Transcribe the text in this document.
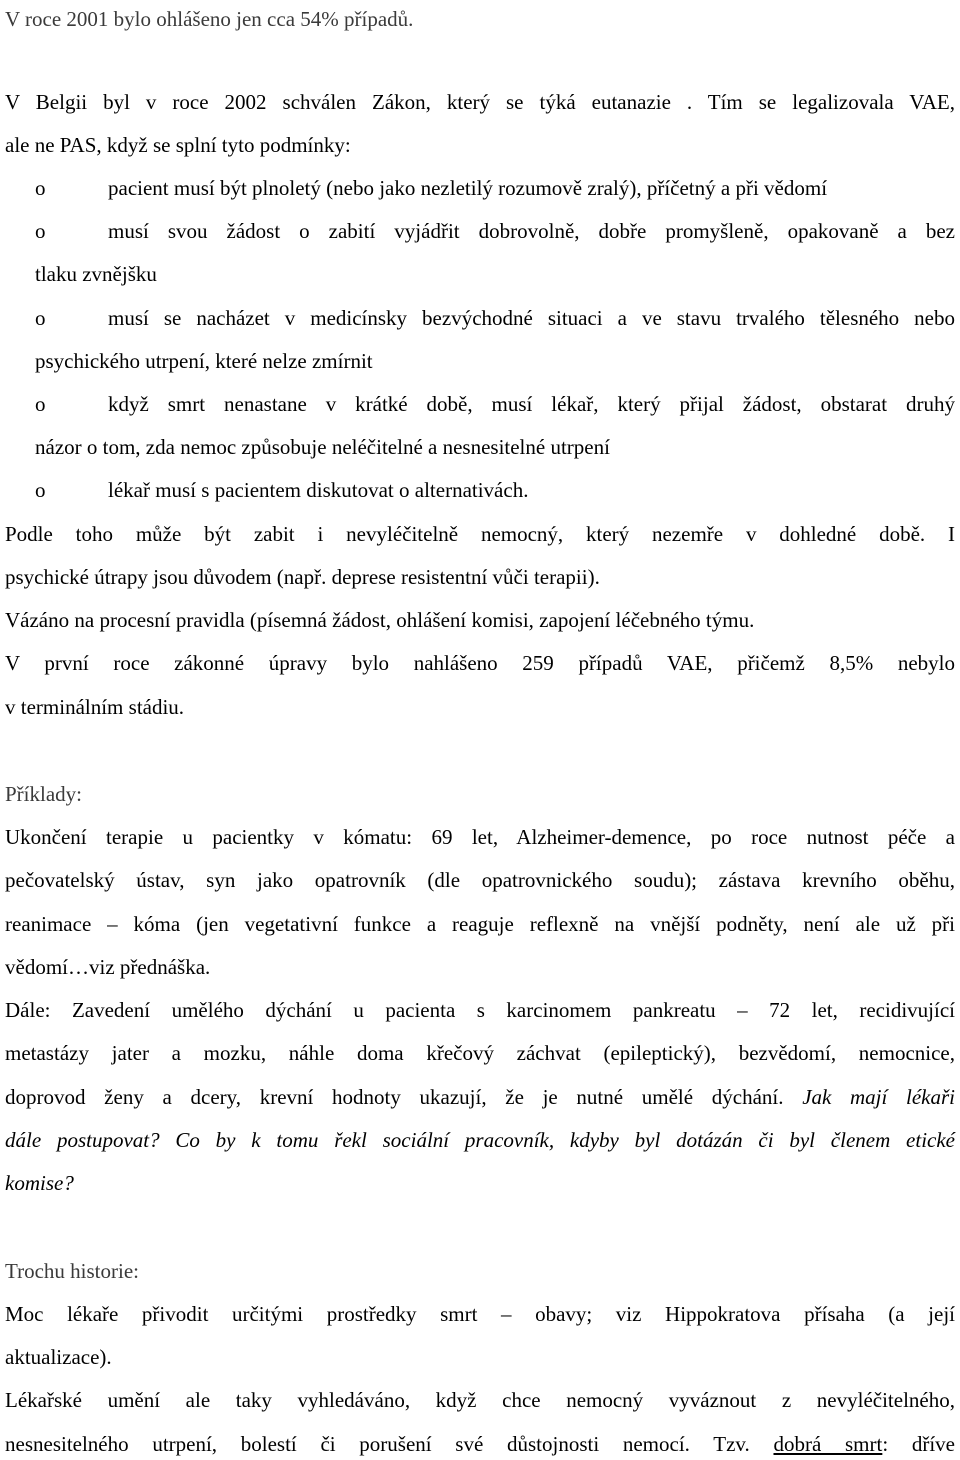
V roce 2001 bylo ohlášeno jen cca 54% případů.
V Belgii byl v roce 2002 schválen Zákon, který se týká eutanazie . Tím se legalizovala VAE,
ale ne PAS, když se splní tyto podmínky:
o	pacient musí být plnoletý (nebo jako nezletilý rozumově zralý), příčetný a při vědomí
o	musí svou žádost o zabití vyjádřit dobrovolně, dobře promyšleně, opakovaně a bez
tlaku zvnějšku
o	musí se nacházet v medicínsky bezvýchodné situaci a ve stavu trvalého tělesného nebo
psychického utrpení, které nelze zmírnit
o	když smrt nenastane v krátké době, musí lékař, který přijal žádost, obstarat druhý
názor o tom, zda nemoc způsobuje neléčitelné a nesnesitelné utrpení
o	lékař musí s pacientem diskutovat o alternativách.
Podle toho může být zabit i nevyléčitelně nemocný, který nezemře v dohledné době. I
psychické útrapy jsou důvodem (např. deprese resistentní vůči terapii).
Vázáno na procesní pravidla (písemná žádost, ohlášení komisi, zapojení léčebného týmu.
V první roce zákonné úpravy bylo nahlášeno 259 případů VAE, přičemž 8,5% nebylo
v terminálním stádiu.
Příklady:
Ukončení terapie u pacientky v kómatu: 69 let, Alzheimer-demence, po roce nutnost péče a
pečovatelský ústav, syn jako opatrovník (dle opatrovnického soudu); zástava krevního oběhu,
reanimace – kóma (jen vegetativní funkce a reaguje reflexně na vnější podněty, není ale už při
vědomí…viz přednáška.
Dále: Zavedení umělého dýchání u pacienta s karcinomem pankreatu – 72 let, recidivující
metastázy jater a mozku, náhle doma křečový záchvat (epileptický), bezvědomí, nemocnice,
doprovod ženy a dcery, krevní hodnoty ukazují, že je nutné umělé dýchání. Jak mají lékaři
dále postupovat? Co by k tomu řekl sociální pracovník, kdyby byl dotázán či byl členem etické
komise?
Trochu historie:
Moc lékaře přivodit určitými prostředky smrt – obavy; viz Hippokratova přísaha (a její
aktualizace).
Lékařské umění ale taky vyhledáváno, když chce nemocný vyváznout z nevyléčitelného,
nesnesitelného utrpení, bolestí či porušení své důstojnosti nemocí. Tzv. dobrá smrt: dříve
